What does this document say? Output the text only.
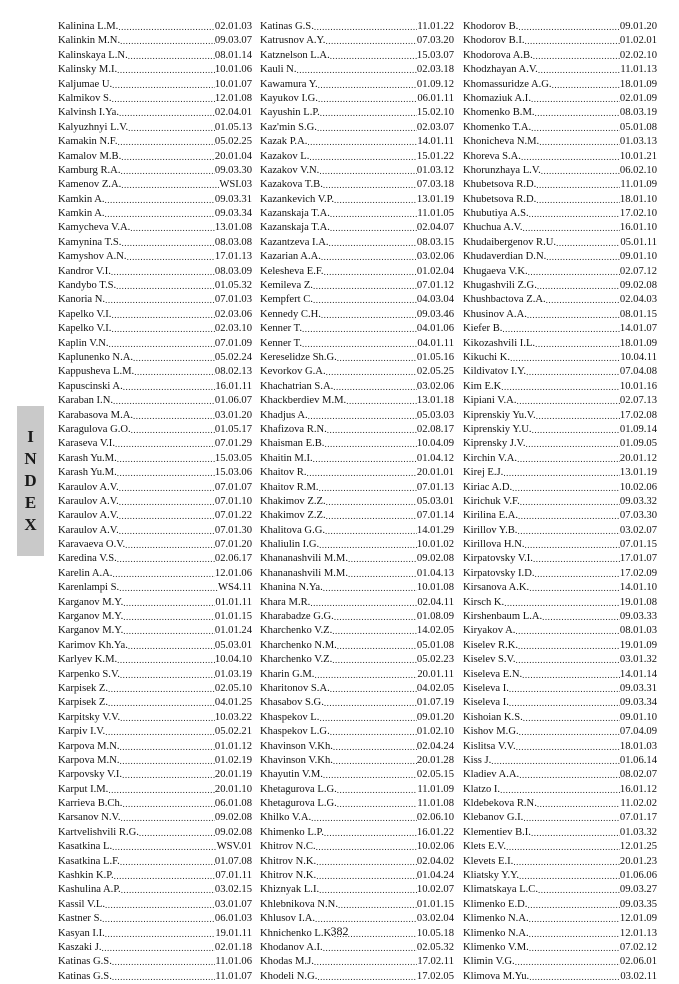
Kalinina L.M. .....	02.01.03
Kalinkin M.N. .....	09.03.07
Kalinskaya L.N. .....	08.01.14
Kalinsky M.I. .....	10.01.06
Kaljumae U. .....	10.01.07
Kalmikov S. .....	12.01.08
Kalvinsh I.Ya. .....	02.04.01
Kalyuzhnyi L.V. .....	01.05.13
Kamakin N.F. .....	05.02.25
Kamalov M.B. .....	20.01.04
Kamburg R.A. .....	09.03.30
Kamenov Z.A. .....	WSI.03
Kamkin A. .....	09.03.31
Kamkin A. .....	09.03.34
Kamycheva V.A. .....	13.01.08
Kamynina T.S. .....	08.03.08
Kamyshov A.N. .....	17.01.13
Kandror V.I. .....	08.03.09
Kandybo T.S. .....	01.05.32
Kanoria N. .....	07.01.03
Kapelko V.I. .....	02.03.06
Kapelko V.I. .....	02.03.10
Kaplin V.N. .....	07.01.09
Kaplunenko N.A. .....	05.02.24
Kappusheva L.M. .....	08.02.13
Kapuscinski A. .....	16.01.11
Karaban I.N. .....	01.06.07
Karabasova M.A. .....	03.01.20
Karagulova G.O. .....	01.05.17
Karaseva V.I. .....	07.01.29
Karash Yu.M. .....	15.03.05
Karash Yu.M. .....	15.03.06
Karaulov A.V. .....	07.01.07
Karaulov A.V. .....	07.01.10
Karaulov A.V. .....	07.01.22
Karaulov A.V. .....	07.01.30
Karavaeva O.V. .....	07.01.20
Karedina V.S. .....	02.06.17
Karelin A.A. .....	12.01.06
Karenlampi S. .....	WS4.11
Karganov M.Y. .....	01.01.11
Karganov M.Y. .....	01.01.15
Karganov M.Y. .....	01.01.24
Karimov Kh.Ya. .....	05.03.01
Karlyev K.M. .....	10.04.10
Karpenko S.V. .....	01.03.19
Karpisek Z. .....	02.05.10
Karpisek Z. .....	04.01.25
Karpitsky V.V. .....	10.03.22
Karpiv I.V. .....	05.02.21
Karpova M.N. .....	01.01.12
Karpova M.N. .....	01.02.19
Karpovsky V.I. .....	20.01.19
Karput I.M. .....	20.01.10
Karrieva B.Ch. .....	06.01.08
Karsanov N.V. .....	09.02.08
Kartvelishvili R.G. .....	09.02.08
Kasatkina L. .....	WSV.01
Kasatkina L.F. .....	01.07.08
Kashkin K.P. .....	07.01.11
Kashulina A.P. .....	03.02.15
Kassil V.L. .....	03.01.07
Kastner S. .....	06.01.03
Kasyan I.I. .....	19.01.11
Kaszaki J. .....	02.01.18
Katinas G.S. .....	11.01.06
Katinas G.S. .....	11.01.07
Katinas G.S. .....	11.01.22
Katrusnov A.Y. .....	07.03.20
Katznelson L.A. .....	15.03.07
Kauli N. .....	02.03.18
Kawamura Y. .....	01.09.12
Kayukov I.G. .....	06.01.11
Kayushin L.P. .....	15.02.10
Kaz'min S.G. .....	02.03.07
Kazak P.A. .....	14.01.11
Kazakov L. .....	15.01.22
Kazakov V.N. .....	01.03.12
Kazakova T.B. .....	07.03.18
Kazankevich V.P. .....	13.01.19
Kazanskaja T.A. .....	11.01.05
Kazanskaja T.A. .....	02.04.07
Kazantzeva I.A. .....	08.03.15
Kazarian A.A. .....	03.02.06
Kelesheva E.F. .....	01.02.04
Kemileva Z. .....	07.01.12
Kempfert C. .....	04.03.04
Kennedy C.H. .....	09.03.46
Kenner T. .....	04.01.06
Kenner T. .....	04.01.11
Kereselidze Sh.G. .....	01.05.16
Kevorkov G.A. .....	02.05.25
Khachatrian S.A. .....	03.02.06
Khackberdiev M.M. .....	13.01.18
Khadjus A. .....	05.03.03
Khafizova R.N. .....	02.08.17
Khaisman E.B. .....	10.04.09
Khaitin M.I. .....	01.04.12
Khaitov R. .....	20.01.01
Khaitov R.M. .....	07.01.13
Khakimov Z.Z. .....	05.03.01
Khakimov Z.Z. .....	07.01.14
Khalitova G.G. .....	14.01.29
Khaliulin I.G. .....	10.01.02
Khananashvili M.M. .....	09.02.08
Khananashvili M.M. .....	01.04.13
Khanina N.Ya. .....	10.01.08
Khara M.R. .....	02.04.11
Kharabadze G.G. .....	01.08.09
Kharchenko V.Z. .....	14.02.05
Kharchenko N.M. .....	05.01.08
Kharchenko V.Z. .....	05.02.23
Kharin G.M. .....	20.01.11
Kharitonov S.A. .....	04.02.05
Khasabov S.G. .....	01.07.19
Khaspekov L. .....	09.01.20
Khaspekov L.G. .....	01.02.10
Khavinson V.Kh. .....	02.04.24
Khavinson V.Kh. .....	20.01.28
Khayutin V.M. .....	02.05.15
Khetagurova L.G. .....	11.01.09
Khetagurova L.G. .....	11.01.08
Khilko V.A. .....	02.06.10
Khimenko L.P. .....	16.01.22
Khitrov N.C. .....	10.02.06
Khitrov N.K. .....	02.04.02
Khitrov N.K. .....	01.04.24
Khiznyak L.I. .....	10.02.07
Khlebnikova N.N. .....	01.01.15
Khlusov I.A. .....	03.02.04
Khnichenko L.K. .....	10.05.18
Khodanov A.I. .....	02.05.32
Khodas M.J. .....	17.02.11
Khodeli N.G. .....	17.02.05
Khodorov B. .....	09.01.20
Khodorov B.I. .....	01.02.01
Khodorova A.B. .....	02.02.10
Khodzhayan A.V. .....	11.01.13
Khomassuridze A.G. .....	18.01.09
Khomaziuk A.I. .....	02.01.09
Khomenko B.M. .....	08.03.19
Khomenko T.A. .....	05.01.08
Khonicheva N.M. .....	01.03.13
Khoreva S.A. .....	10.01.21
Khorunzhaya L.V. .....	06.02.10
Khubetsova R.D. .....	11.01.09
Khubetsova R.D. .....	18.01.10
Khubutiya A.S. .....	17.02.10
Khuchua A.V. .....	16.01.10
Khudaibergenov R.U. .....	05.01.11
Khudaverdian D.N. .....	09.01.10
Khugaeva V.K. .....	02.07.12
Khugashvili Z.G. .....	09.02.08
Khushbactova Z.A. .....	02.04.03
Khusinov A.A. .....	08.01.15
Kiefer B. .....	14.01.07
Kikozashvili I.L. .....	18.01.09
Kikuchi K. .....	10.04.11
Kildivatov I.Y. .....	07.04.08
Kim E.K .....	10.01.16
Kipiani V.A. .....	02.07.13
Kiprenskiy Yu.V. .....	17.02.08
Kiprenskiy Y.U. .....	01.09.14
Kiprensky J.V. .....	01.09.05
Kirchin V.A. .....	20.01.12
Kirej E.J. .....	13.01.19
Kiriac A.D. .....	10.02.06
Kirichuk V.F. .....	09.03.32
Kirilina E.A. .....	07.03.30
Kirillov Y.B. .....	03.02.07
Kirillova H.N. .....	07.01.15
Kirpatovsky V.I. .....	17.01.07
Kirpatovsky I.D. .....	17.02.09
Kirsanova A.K. .....	14.01.10
Kirsch K. .....	19.01.08
Kirshenbaum L.A. .....	09.03.33
Kiryakov A. .....	08.01.03
Kiselev R.K. .....	19.01.09
Kiselev S.V. .....	03.01.32
Kiseleva E.N. .....	14.01.14
Kiseleva I. .....	09.03.31
Kiseleva I. .....	09.03.34
Kishoian K.S. .....	09.01.10
Kishov M.G. .....	07.04.09
Kislitsa V.V. .....	18.01.03
Kiss J. .....	01.06.14
Kladiev A.A. .....	08.02.07
Klatzo I. .....	16.01.12
Kldebekova R.N. .....	11.02.02
Klebanov G.I. .....	07.01.17
Klementiev B.I. .....	01.03.32
Klets E.V. .....	12.01.25
Klevets E.I. .....	20.01.23
Kliatsky Y.Y. .....	01.06.06
Klimatskaya L.C. .....	09.03.27
Klimenko E.D. .....	09.03.35
Klimenko N.A. .....	12.01.09
Klimenko N.A. .....	12.01.13
Klimenko V.M. .....	07.02.12
Klimin V.G. .....	02.06.01
Klimova M.Yu. .....	03.02.11
I
N
D
E
X
382
